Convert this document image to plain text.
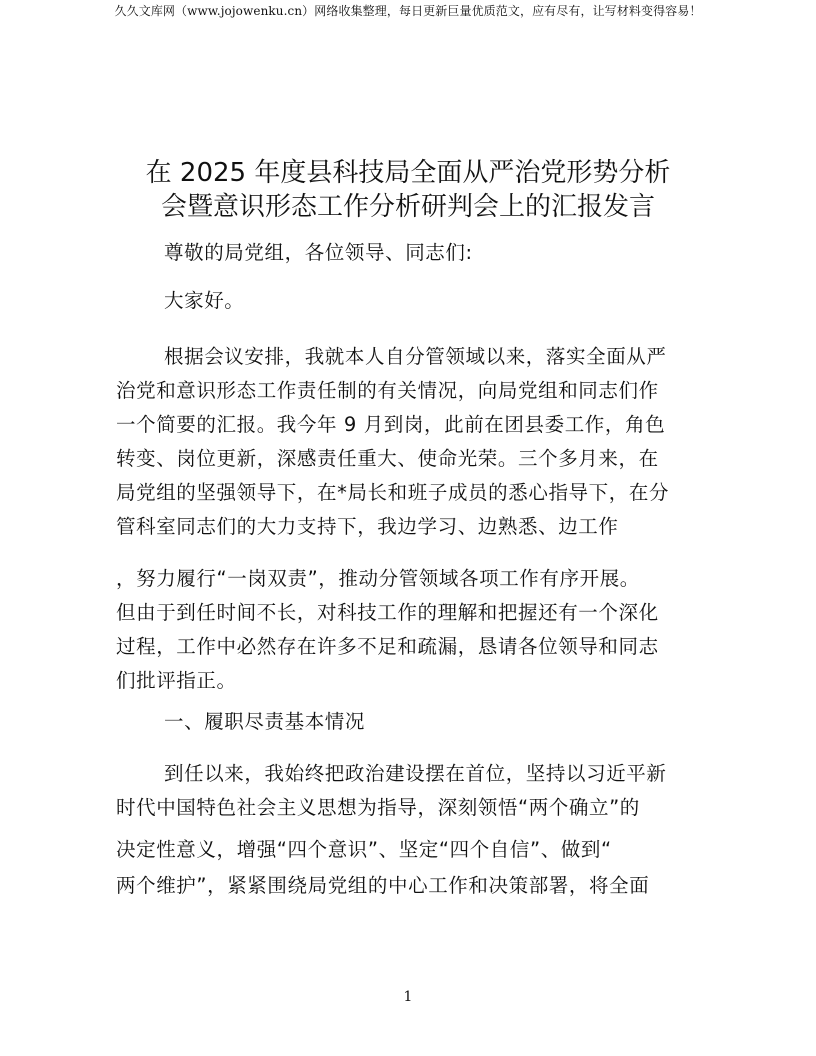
久久文库网（www.jojowenku.cn）网络收集整理，每日更新巨量优质范文，应有尽有，让写材料变得容易！
在 2025 年度县科技局全面从严治党形势分析
会暨意识形态工作分析研判会上的汇报发言
尊敬的局党组，各位领导、同志们:
大家好。
根据会议安排，我就本人自分管领域以来，落实全面从严
治党和意识形态工作责任制的有关情况，向局党组和同志们作
一个简要的汇报。我今年 9 月到岗，此前在团县委工作，角色
转变、岗位更新，深感责任重大、使命光荣。三个多月来，在
局党组的坚强领导下，在*局长和班子成员的悉心指导下，在分
管科室同志们的大力支持下，我边学习、边熟悉、边工作
，努力履行“一岗双责”，推动分管领域各项工作有序开展。
但由于到任时间不长，对科技工作的理解和把握还有一个深化
过程，工作中必然存在许多不足和疏漏，恳请各位领导和同志
们批评指正。
一、履职尽责基本情况
到任以来，我始终把政治建设摆在首位，坚持以习近平新
时代中国特色社会主义思想为指导，深刻领悟“两个确立”的
决定性意义，增强“四个意识”、坚定“四个自信”、做到“
两个维护”，紧紧围绕局党组的中心工作和决策部署，将全面
1
